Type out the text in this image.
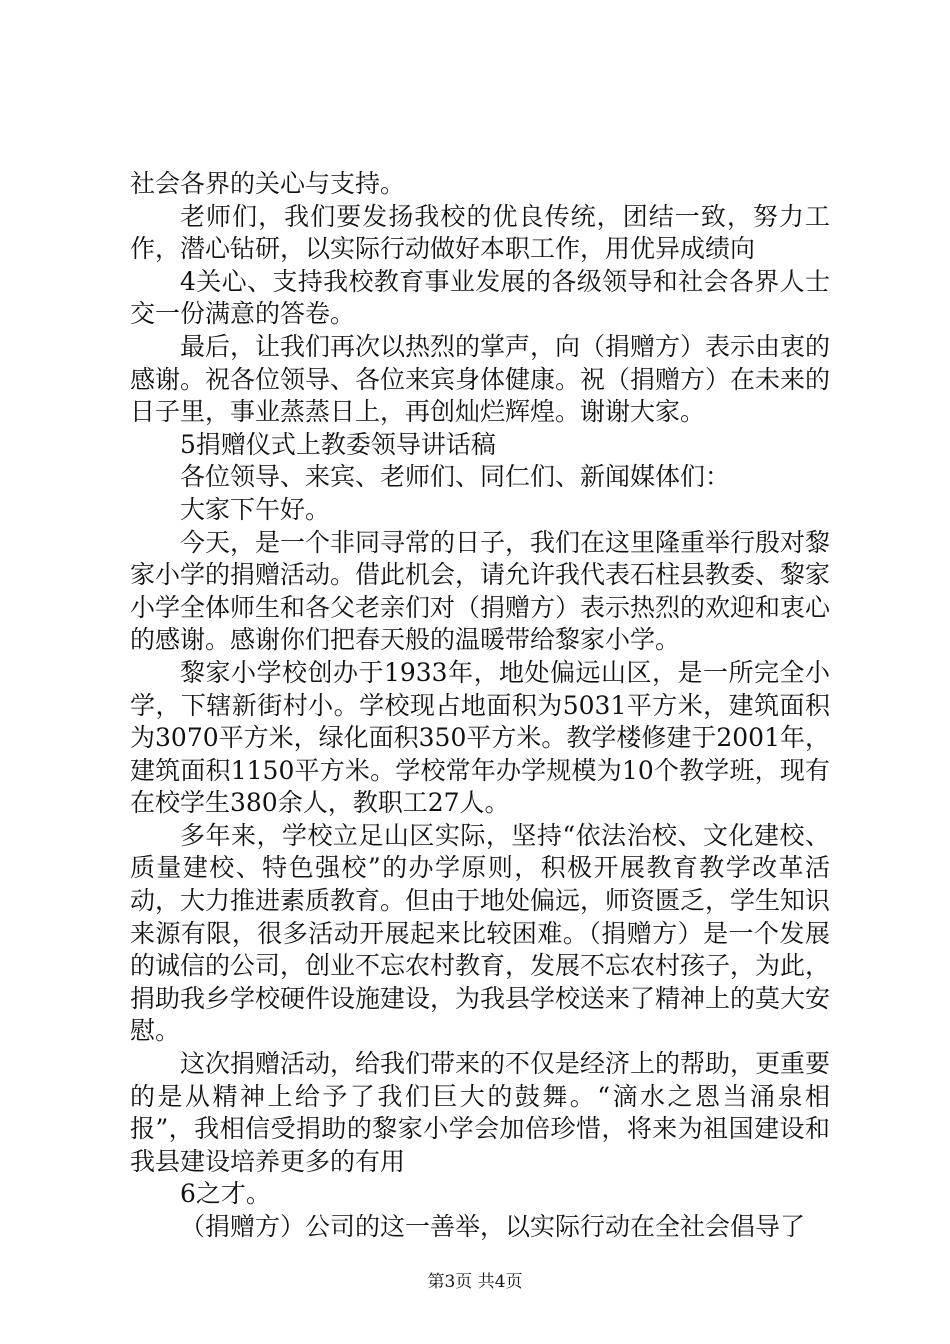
社会各界的关心与支持。

老师们，我们要发扬我校的优良传统，团结一致，努力工作，潜心钻研，以实际行动做好本职工作，用优异成绩向

4关心、支持我校教育事业发展的各级领导和社会各界人士交一份满意的答卷。

最后，让我们再次以热烈的掌声，向（捐赠方）表示由衷的感谢。祝各位领导、各位来宾身体健康。祝（捐赠方）在未来的日子里，事业蒸蒸日上，再创灿烂辉煌。谢谢大家。

5捐赠仪式上教委领导讲话稿

各位领导、来宾、老师们、同仁们、新闻媒体们：

大家下午好。

今天，是一个非同寻常的日子，我们在这里隆重举行殷对黎家小学的捐赠活动。借此机会，请允许我代表石柱县教委、黎家小学全体师生和各父老亲们对（捐赠方）表示热烈的欢迎和衷心的感谢。感谢你们把春天般的温暖带给黎家小学。

黎家小学校创办于1933年，地处偏远山区，是一所完全小学，下辖新街村小。学校现占地面积为5031平方米，建筑面积为3070平方米，绿化面积350平方米。教学楼修建于2001年，建筑面积1150平方米。学校常年办学规模为10个教学班，现有在校学生380余人，教职工27人。

多年来，学校立足山区实际，坚持“依法治校、文化建校、质量建校、特色强校”的办学原则，积极开展教育教学改革活动，大力推进素质教育。但由于地处偏远，师资匮乏，学生知识来源有限，很多活动开展起来比较困难。（捐赠方）是一个发展的诚信的公司，创业不忘农村教育，发展不忘农村孩子，为此，捐助我乡学校硬件设施建设，为我县学校送来了精神上的莫大安慰。

这次捐赠活动，给我们带来的不仅是经济上的帮助，更重要的是从精神上给予了我们巨大的鼓舞。“滴水之恩当涌泉相报”，我相信受捐助的黎家小学会加倍珍惜，将来为祖国建设和我县建设培养更多的有用

6之才。

（捐赠方）公司的这一善举，以实际行动在全社会倡导了

第3页 共4页
